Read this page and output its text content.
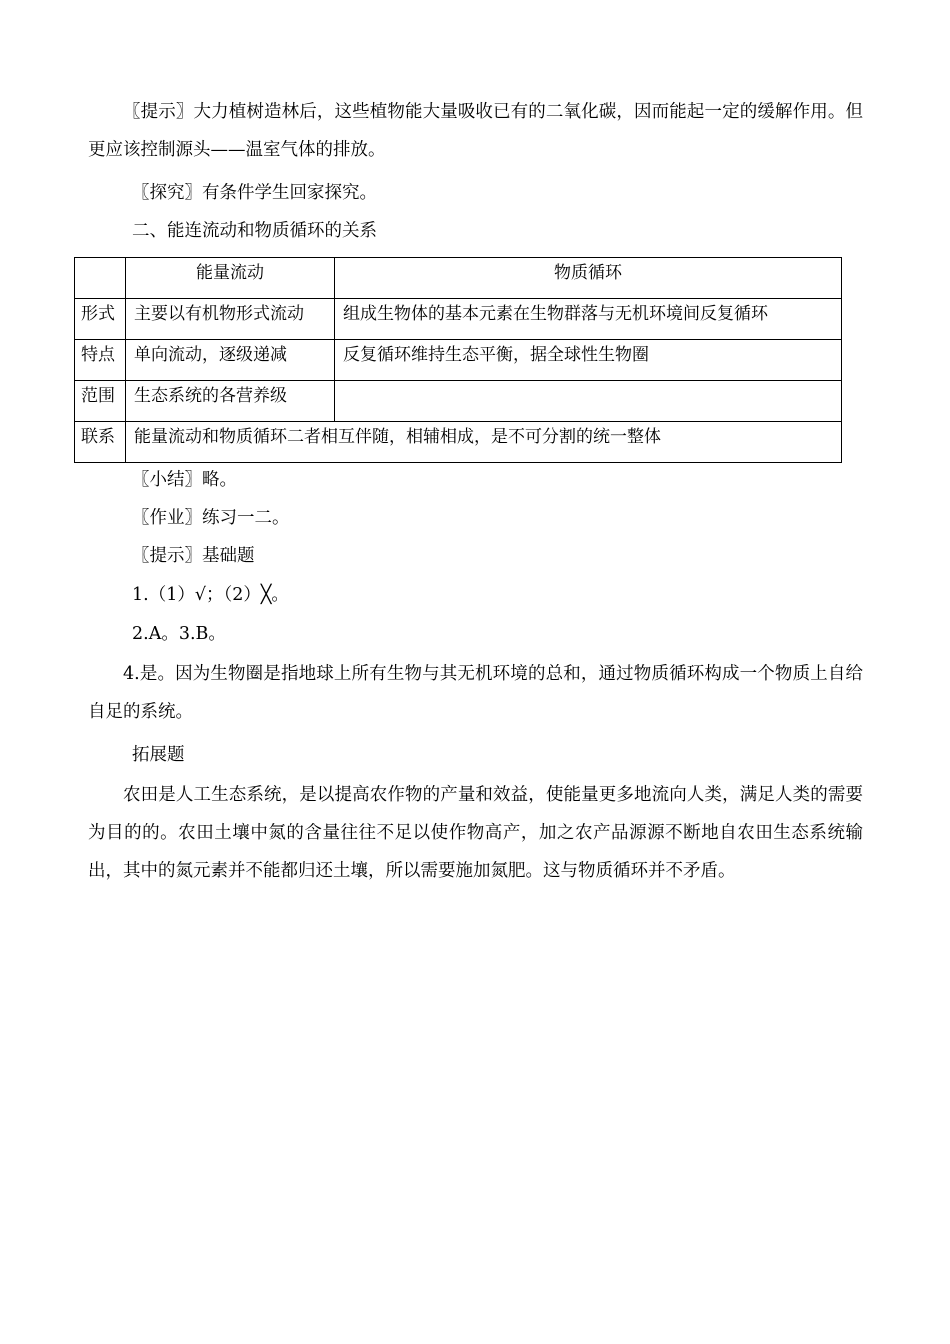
〖提示〗大力植树造林后，这些植物能大量吸收已有的二氧化碳，因而能起一定的缓解作用。但更应该控制源头——温室气体的排放。

〖探究〗有条件学生回家探究。

二、能连流动和物质循环的关系

	能量流动	物质循环
形式	主要以有机物形式流动	组成生物体的基本元素在生物群落与无机环境间反复循环
特点	单向流动，逐级递减	反复循环维持生态平衡，据全球性生物圈
范围	生态系统的各营养级	
联系	能量流动和物质循环二者相互伴随，相辅相成，是不可分割的统一整体	

〖小结〗略。

〖作业〗练习一二。

〖提示〗基础题

1.（1）√；（2）╳。

2.A。3.B。

4.是。因为生物圈是指地球上所有生物与其无机环境的总和，通过物质循环构成一个物质上自给自足的系统。

拓展题

农田是人工生态系统，是以提高农作物的产量和效益，使能量更多地流向人类，满足人类的需要为目的的。农田土壤中氮的含量往往不足以使作物高产，加之农产品源源不断地自农田生态系统输出，其中的氮元素并不能都归还土壤，所以需要施加氮肥。这与物质循环并不矛盾。
